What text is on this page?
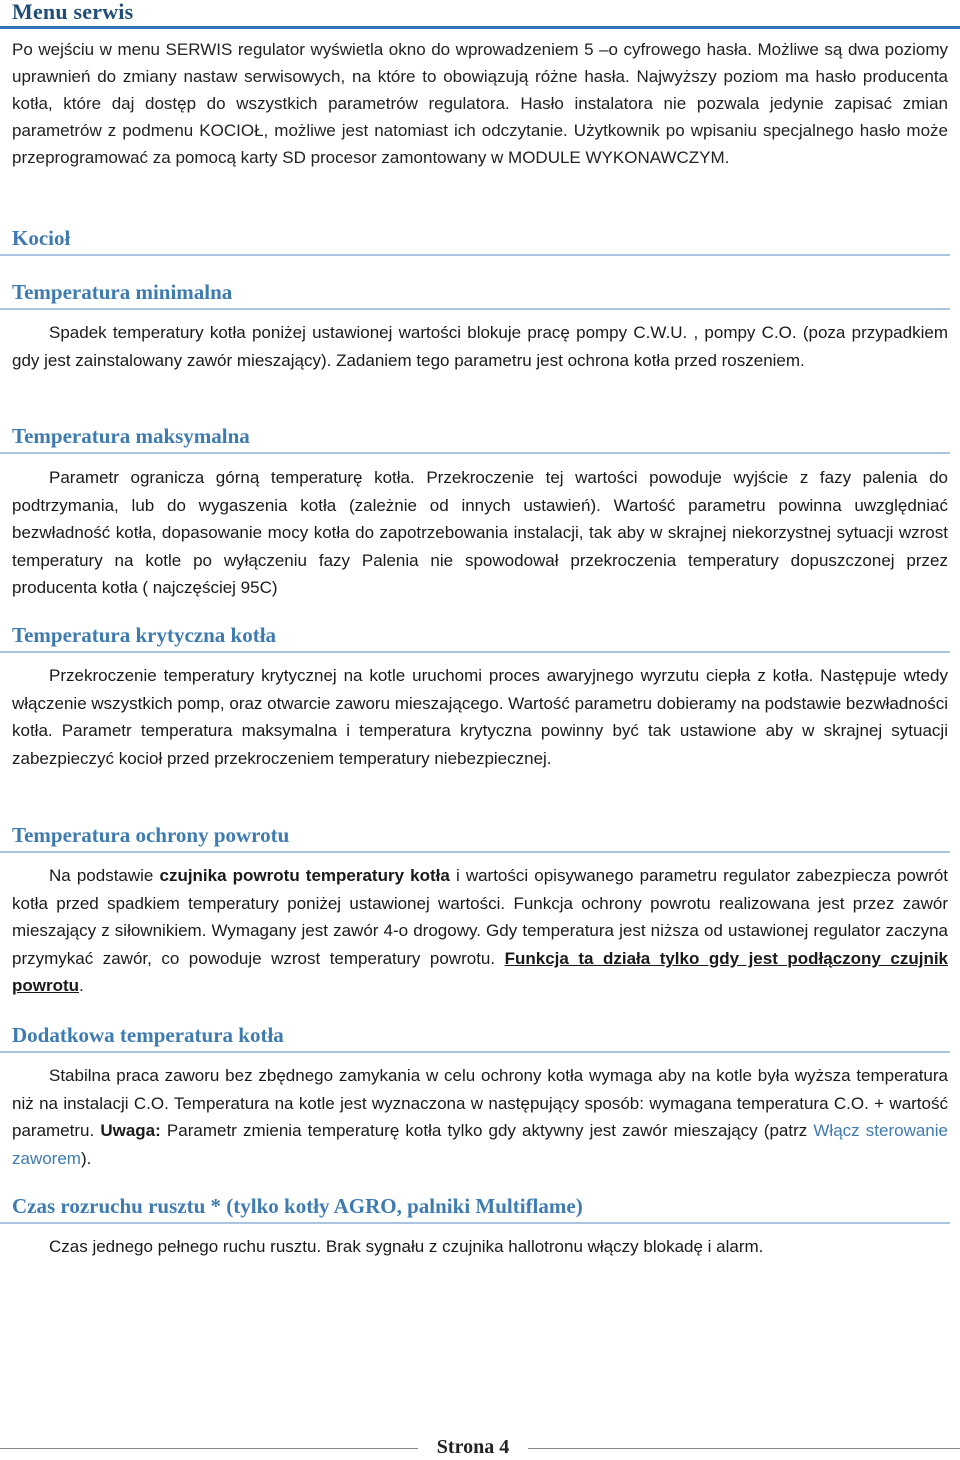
Menu serwis

Po wejściu w menu SERWIS regulator wyświetla okno do wprowadzeniem 5 –o cyfrowego hasła. Możliwe są dwa poziomy uprawnień do zmiany nastaw serwisowych, na które to obowiązują różne hasła. Najwyższy poziom ma hasło producenta kotła, które daj dostęp do wszystkich parametrów regulatora. Hasło instalatora nie pozwala jedynie zapisać zmian parametrów z podmenu KOCIOŁ, możliwe jest natomiast ich odczytanie. Użytkownik po wpisaniu specjalnego hasło może przeprogramować za pomocą karty SD procesor zamontowany w MODULE WYKONAWCZYM.

Kocioł
Temperatura minimalna

Spadek temperatury kotła poniżej ustawionej wartości blokuje pracę pompy C.W.U. , pompy C.O. (poza przypadkiem gdy jest zainstalowany zawór mieszający). Zadaniem tego parametru jest ochrona kotła przed roszeniem.

Temperatura maksymalna

Parametr ogranicza górną temperaturę kotła. Przekroczenie tej wartości powoduje wyjście z fazy palenia do podtrzymania, lub do wygaszenia kotła (zależnie od innych ustawień). Wartość parametru powinna uwzględniać bezwładność kotła, dopasowanie mocy kotła do zapotrzebowania instalacji, tak aby w skrajnej niekorzystnej sytuacji wzrost temperatury na kotle po wyłączeniu fazy Palenia nie spowodował przekroczenia temperatury dopuszczonej przez producenta kotła ( najczęściej 95C)

Temperatura krytyczna kotła

Przekroczenie temperatury krytycznej na kotle uruchomi proces awaryjnego wyrzutu ciepła z kotła. Następuje wtedy włączenie wszystkich pomp, oraz otwarcie zaworu mieszającego. Wartość parametru dobieramy na podstawie bezwładności kotła. Parametr temperatura maksymalna i temperatura krytyczna powinny być tak ustawione aby w skrajnej sytuacji zabezpieczyć kocioł przed przekroczeniem temperatury niebezpiecznej.

Temperatura ochrony powrotu

Na podstawie czujnika powrotu temperatury kotła i wartości opisywanego parametru regulator zabezpiecza powrót kotła przed spadkiem temperatury poniżej ustawionej wartości. Funkcja ochrony powrotu realizowana jest przez zawór mieszający z siłownikiem. Wymagany jest zawór 4-o drogowy. Gdy temperatura jest niższa od ustawionej regulator zaczyna przymykać zawór, co powoduje wzrost temperatury powrotu. Funkcja ta działa tylko gdy jest podłączony czujnik powrotu.

Dodatkowa temperatura kotła

Stabilna praca zaworu bez zbędnego zamykania w celu ochrony kotła wymaga aby na kotle była wyższa temperatura niż na instalacji C.O. Temperatura na kotle jest wyznaczona w następujący sposób: wymagana temperatura C.O. + wartość parametru. Uwaga: Parametr zmienia temperaturę kotła tylko gdy aktywny jest zawór mieszający (patrz Włącz sterowanie zaworem).

Czas rozruchu rusztu * (tylko kotły AGRO, palniki Multiflame)

Czas jednego pełnego ruchu rusztu. Brak sygnału z czujnika hallotronu włączy blokadę i alarm.

Strona 4
